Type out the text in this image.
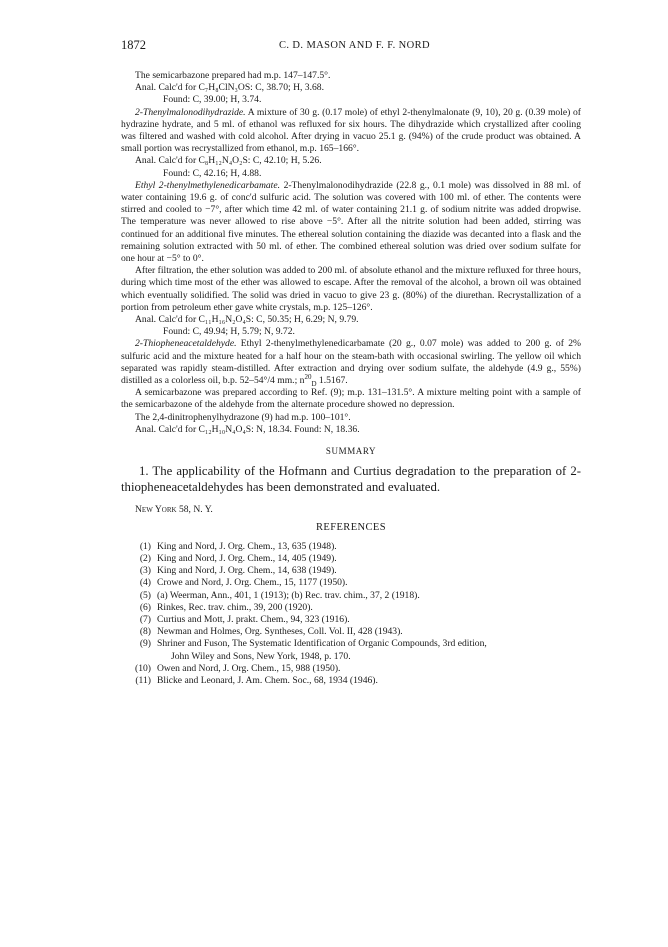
1872	C. D. MASON AND F. F. NORD

The semicarbazone prepared had m.p. 147–147.5°.

Anal. Calc'd for C₇H₈ClN₃OS: C, 38.70; H, 3.68.

Found: C, 39.00; H, 3.74.

2-Thenylmalonodihydrazide. A mixture of 30 g. (0.17 mole) of ethyl 2-thenylmalonate (9, 10), 20 g. (0.39 mole) of hydrazine hydrate, and 5 ml. of ethanol was refluxed for six hours. The dihydrazide which crystallized after cooling was filtered and washed with cold alcohol. After drying in vacuo 25.1 g. (94%) of the crude product was obtained. A small portion was recrystallized from ethanol, m.p. 165–166°.

Anal. Calc'd for C₈H₁₂N₄O₂S: C, 42.10; H, 5.26.

Found: C, 42.16; H, 4.88.

Ethyl 2-thenylmethylenedicarbamate. 2-Thenylmalonodihydrazide (22.8 g., 0.1 mole) was dissolved in 88 ml. of water containing 19.6 g. of conc'd sulfuric acid. The solution was covered with 100 ml. of ether. The contents were stirred and cooled to −7°, after which time 42 ml. of water containing 21.1 g. of sodium nitrite was added dropwise. The temperature was never allowed to rise above −5°. After all the nitrite solution had been added, stirring was continued for an additional five minutes. The ethereal solution containing the diazide was decanted into a flask and the remaining solution extracted with 50 ml. of ether. The combined ethereal solution was dried over sodium sulfate for one hour at −5° to 0°.

After filtration, the ether solution was added to 200 ml. of absolute ethanol and the mixture refluxed for three hours, during which time most of the ether was allowed to escape. After the removal of the alcohol, a brown oil was obtained which eventually solidified. The solid was dried in vacuo to give 23 g. (80%) of the diurethan. Recrystallization of a portion from petroleum ether gave white crystals, m.p. 125–126°.

Anal. Calc'd for C₁₁H₁₆N₂O₄S: C, 50.35; H, 6.29; N, 9.79.

Found: C, 49.94; H, 5.79; N, 9.72.

2-Thiopheneacetaldehyde. Ethyl 2-thenylmethylenedicarbamate (20 g., 0.07 mole) was added to 200 g. of 2% sulfuric acid and the mixture heated for a half hour on the steam-bath with occasional swirling. The yellow oil which separated was rapidly steam-distilled. After extraction and drying over sodium sulfate, the aldehyde (4.9 g., 55%) distilled as a colorless oil, b.p. 52–54°/4 mm.; $n^{20}_D$ 1.5167.

A semicarbazone was prepared according to Ref. (9); m.p. 131–131.5°. A mixture melting point with a sample of the semicarbazone of the aldehyde from the alternate procedure showed no depression.

The 2,4-dinitrophenylhydrazone (9) had m.p. 100–101°.

Anal. Calc'd for C₁₂H₁₀N₄O₄S: N, 18.34. Found: N, 18.36.

SUMMARY

1. The applicability of the Hofmann and Curtius degradation to the preparation of 2-thiopheneacetaldehydes has been demonstrated and evaluated.

New York 58, N. Y.
REFERENCES
(1) King and Nord, J. Org. Chem., 13, 635 (1948).
(2) King and Nord, J. Org. Chem., 14, 405 (1949).
(3) King and Nord, J. Org. Chem., 14, 638 (1949).
(4) Crowe and Nord, J. Org. Chem., 15, 1177 (1950).
(5) (a) Weerman, Ann., 401, 1 (1913); (b) Rec. trav. chim., 37, 2 (1918).
(6) Rinkes, Rec. trav. chim., 39, 200 (1920).
(7) Curtius and Mott, J. prakt. Chem., 94, 323 (1916).
(8) Newman and Holmes, Org. Syntheses, Coll. Vol. II, 428 (1943).
(9) Shriner and Fuson, The Systematic Identification of Organic Compounds, 3rd edition,
John Wiley and Sons, New York, 1948, p. 170.
(10) Owen and Nord, J. Org. Chem., 15, 988 (1950).
(11) Blicke and Leonard, J. Am. Chem. Soc., 68, 1934 (1946).
